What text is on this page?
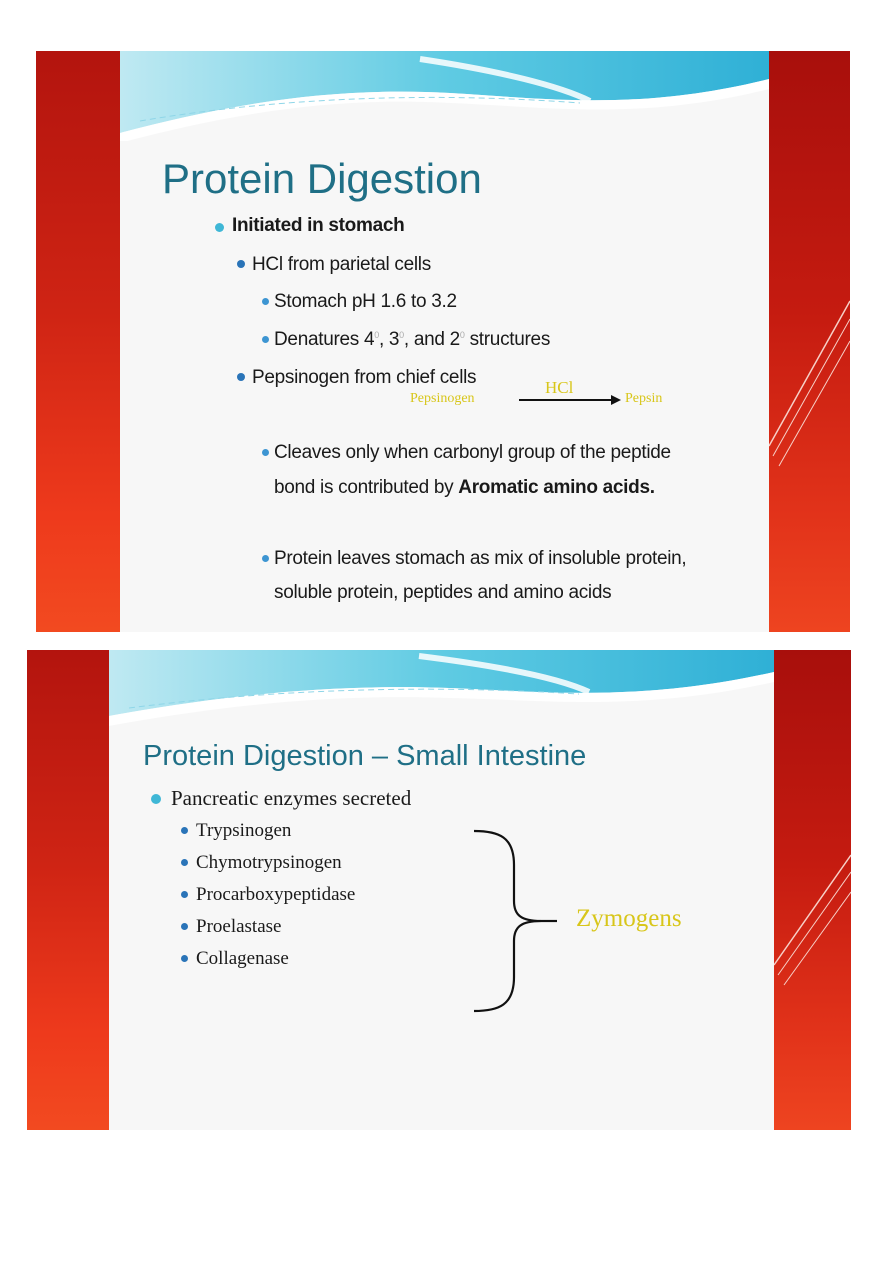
Protein Digestion
Initiated in stomach
HCl from parietal cells
Stomach pH 1.6 to 3.2
Denatures $4^0$, $3^0$, and $2^0$ structures
Pepsinogen from chief cells
Pepsinogen
HCl
Pepsin
Cleaves only when carbonyl group of the peptide
bond is contributed by Aromatic amino acids.
Protein leaves stomach as mix of insoluble protein,
soluble protein, peptides and amino acids
Protein Digestion – Small Intestine
Pancreatic enzymes secreted
Trypsinogen
Chymotrypsinogen
Procarboxypeptidase
Proelastase
Collagenase
Zymogens
